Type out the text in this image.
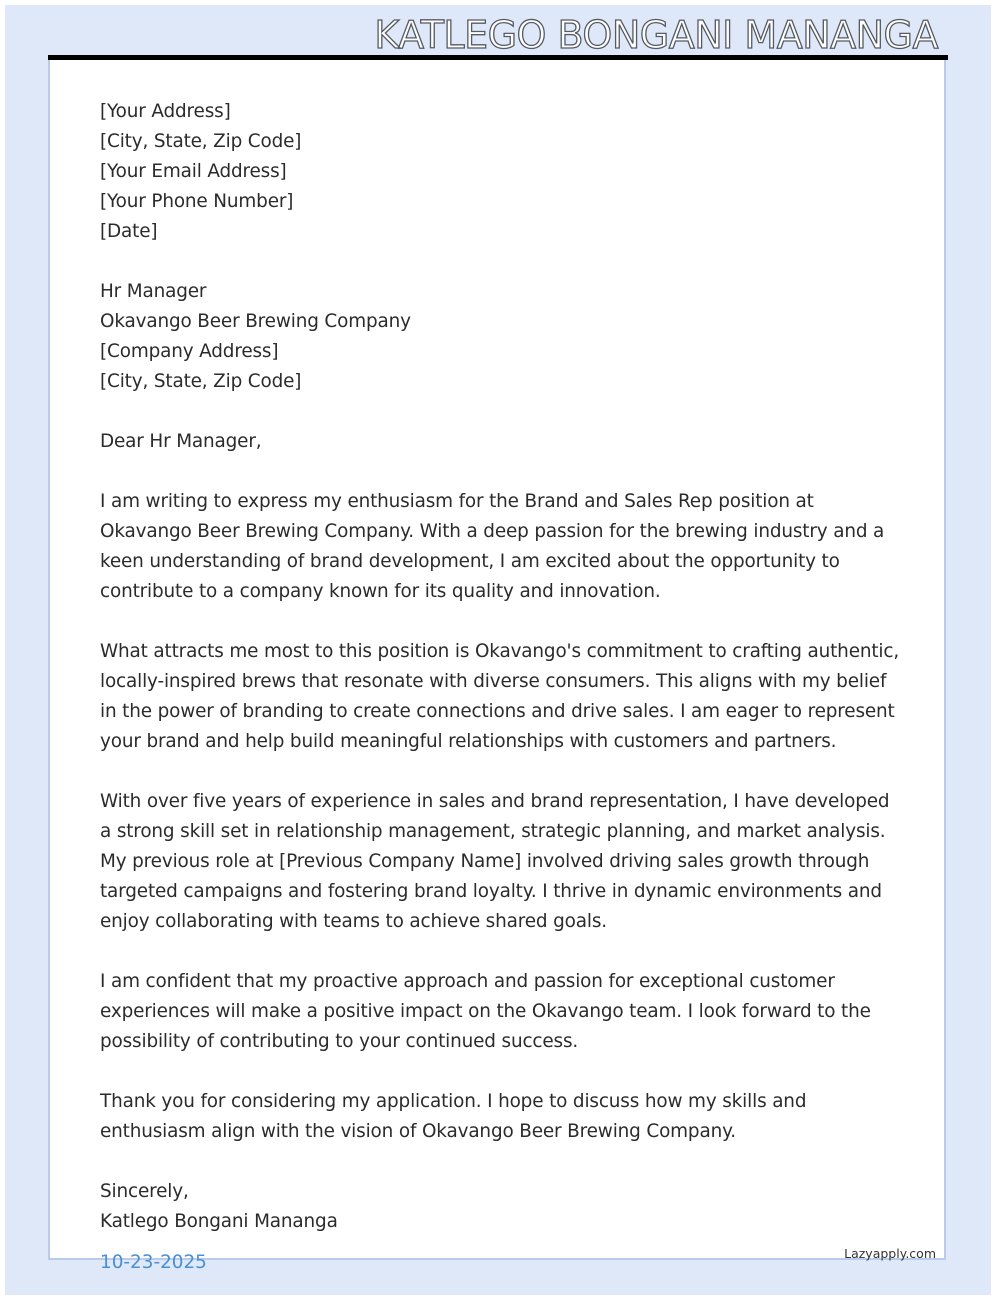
KATLEGO BONGANI MANANGA

[Your Address]

[City, State, Zip Code]

[Your Email Address]

[Your Phone Number]

[Date]

Hr Manager

Okavango Beer Brewing Company

[Company Address]

[City, State, Zip Code]

Dear Hr Manager,

I am writing to express my enthusiasm for the Brand and Sales Rep position at Okavango Beer Brewing Company. With a deep passion for the brewing industry and a keen understanding of brand development, I am excited about the opportunity to contribute to a company known for its quality and innovation.

What attracts me most to this position is Okavango's commitment to crafting authentic, locally-inspired brews that resonate with diverse consumers. This aligns with my belief in the power of branding to create connections and drive sales. I am eager to represent your brand and help build meaningful relationships with customers and partners.

With over five years of experience in sales and brand representation, I have developed a strong skill set in relationship management, strategic planning, and market analysis. My previous role at [Previous Company Name] involved driving sales growth through targeted campaigns and fostering brand loyalty. I thrive in dynamic environments and enjoy collaborating with teams to achieve shared goals.

I am confident that my proactive approach and passion for exceptional customer experiences will make a positive impact on the Okavango team. I look forward to the possibility of contributing to your continued success.

Thank you for considering my application. I hope to discuss how my skills and enthusiasm align with the vision of Okavango Beer Brewing Company.

Sincerely,

Katlego Bongani Mananga

10-23-2025	Lazyapply.com
